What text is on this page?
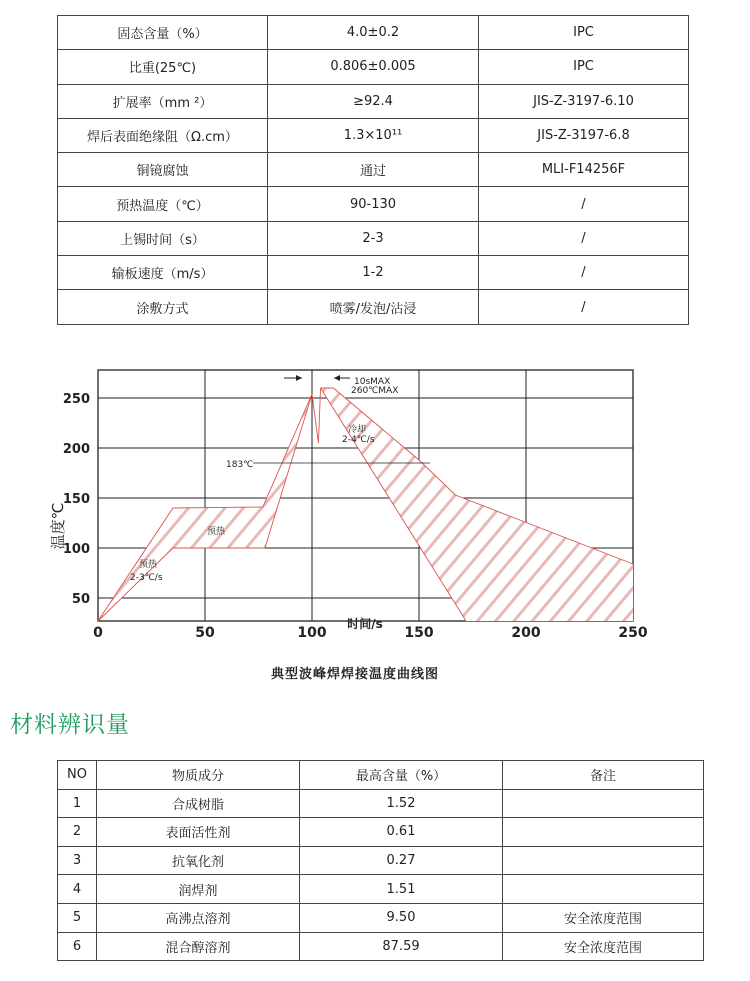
固态含量（%）	4.0±0.2	IPC
比重(25℃)	0.806±0.005	IPC
扩展率（mm ²）	≥92.4	JIS-Z-3197-6.10
焊后表面绝缘阻（Ω.cm）	1.3×10¹¹	JIS-Z-3197-6.8
铜镜腐蚀	通过	MLI-F14256F
预热温度（℃）	90-130	/
上锡时间（s）	2-3	/
输板速度（m/s）	1-2	/
涂敷方式	喷雾/发泡/沾浸	/
0	50	100	150	200	250
50
100
150
200
250
时间/s
典型波峰焊焊接温度曲线图
温度℃
10sMAX
260℃MAX
冷却
2-4℃/s
183℃
预热
预热
2-3℃/s
材料辨识量
NO	物质成分	最高含量（%）	备注
1	合成树脂	1.52	
2	表面活性剂	0.61	
3	抗氧化剂	0.27	
4	润焊剂	1.51	
5	高沸点溶剂	9.50	安全浓度范围
6	混合醇溶剂	87.59	安全浓度范围
